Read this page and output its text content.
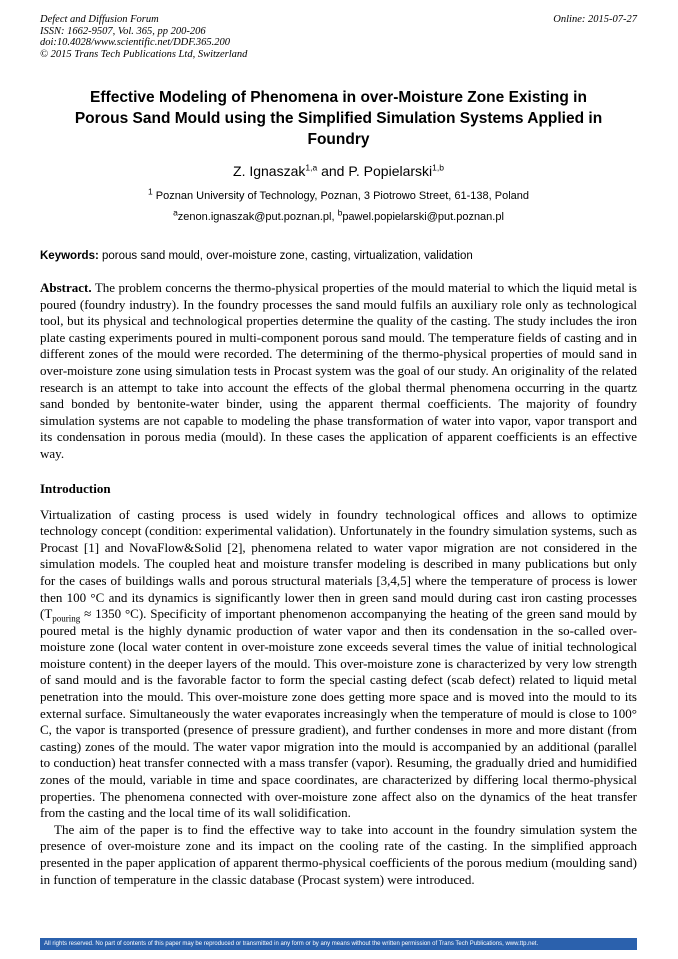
Defect and Diffusion Forum
ISSN: 1662-9507, Vol. 365, pp 200-206
doi:10.4028/www.scientific.net/DDF.365.200
© 2015 Trans Tech Publications Ltd, Switzerland
Online: 2015-07-27
Effective Modeling of Phenomena in over-Moisture Zone Existing in Porous Sand Mould using the Simplified Simulation Systems Applied in Foundry
Z. Ignaszak$^{1,a}$ and P. Popielarski$^{1,b}$
$^1$ Poznan University of Technology, Poznan, 3 Piotrowo Street, 61-138, Poland
$^a$zenon.ignaszak@put.poznan.pl, $^b$pawel.popielarski@put.poznan.pl

Keywords: porous sand mould, over-moisture zone, casting, virtualization, validation

Abstract. The problem concerns the thermo-physical properties of the mould material to which the liquid metal is poured (foundry industry). In the foundry processes the sand mould fulfils an auxiliary role only as technological tool, but its physical and technological properties determine the quality of the casting. The study includes the iron plate casting experiments poured in multi-component porous sand mould. The temperature fields of casting and in different zones of the mould were recorded. The determining of the thermo-physical properties of mould sand in over-moisture zone using simulation tests in Procast system was the goal of our study. An originality of the related research is an attempt to take into account the effects of the global thermal phenomena occurring in the quartz sand bonded by bentonite-water binder, using the apparent thermal coefficients. The majority of foundry simulation systems are not capable to modeling the phase transformation of water into vapor, vapor transport and its condensation in porous media (mould). In these cases the application of apparent coefficients is an effective way.

Introduction

Virtualization of casting process is used widely in foundry technological offices and allows to optimize technology concept (condition: experimental validation). Unfortunately in the foundry simulation systems, such as Procast [1] and NovaFlow&Solid [2], phenomena related to water vapor migration are not considered in the simulation models. The coupled heat and moisture transfer modeling is described in many publications but only for the cases of buildings walls and porous structural materials [3,4,5] where the temperature of process is lower then 100 °C and its dynamics is significantly lower then in green sand mould during cast iron casting processes ($T_{pouring} \approx 1350$ °C). Specificity of important phenomenon accompanying the heating of the green sand mould by poured metal is the highly dynamic production of water vapor and then its condensation in the so-called over-moisture zone (local water content in over-moisture zone exceeds several times the value of initial technological moisture content) in the deeper layers of the mould. This over-moisture zone is characterized by very low strength of sand mould and is the favorable factor to form the special casting defect (scab defect) related to liquid metal penetration into the mould. This over-moisture zone does getting more space and is moved into the mould to its external surface. Simultaneously the water evaporates increasingly when the temperature of mould is close to 100° C, the vapor is transported (presence of pressure gradient), and further condenses in more and more distant (from casting) zones of the mould. The water vapor migration into the mould is accompanied by an additional (parallel to conduction) heat transfer connected with a mass transfer (vapor). Resuming, the gradually dried and humidified zones of the mould, variable in time and space coordinates, are characterized by differing local thermo-physical properties. The phenomena connected with over-moisture zone affect also on the dynamics of the heat transfer from the casting and the local time of its wall solidification.

The aim of the paper is to find the effective way to take into account in the foundry simulation system the presence of over-moisture zone and its impact on the cooling rate of the casting. In the simplified approach presented in the paper application of apparent thermo-physical coefficients of the porous medium (moulding sand) in function of temperature in the classic database (Procast system) were introduced.

All rights reserved. No part of contents of this paper may be reproduced or transmitted in any form or by any means without the written permission of Trans Tech Publications, www.ttp.net.
